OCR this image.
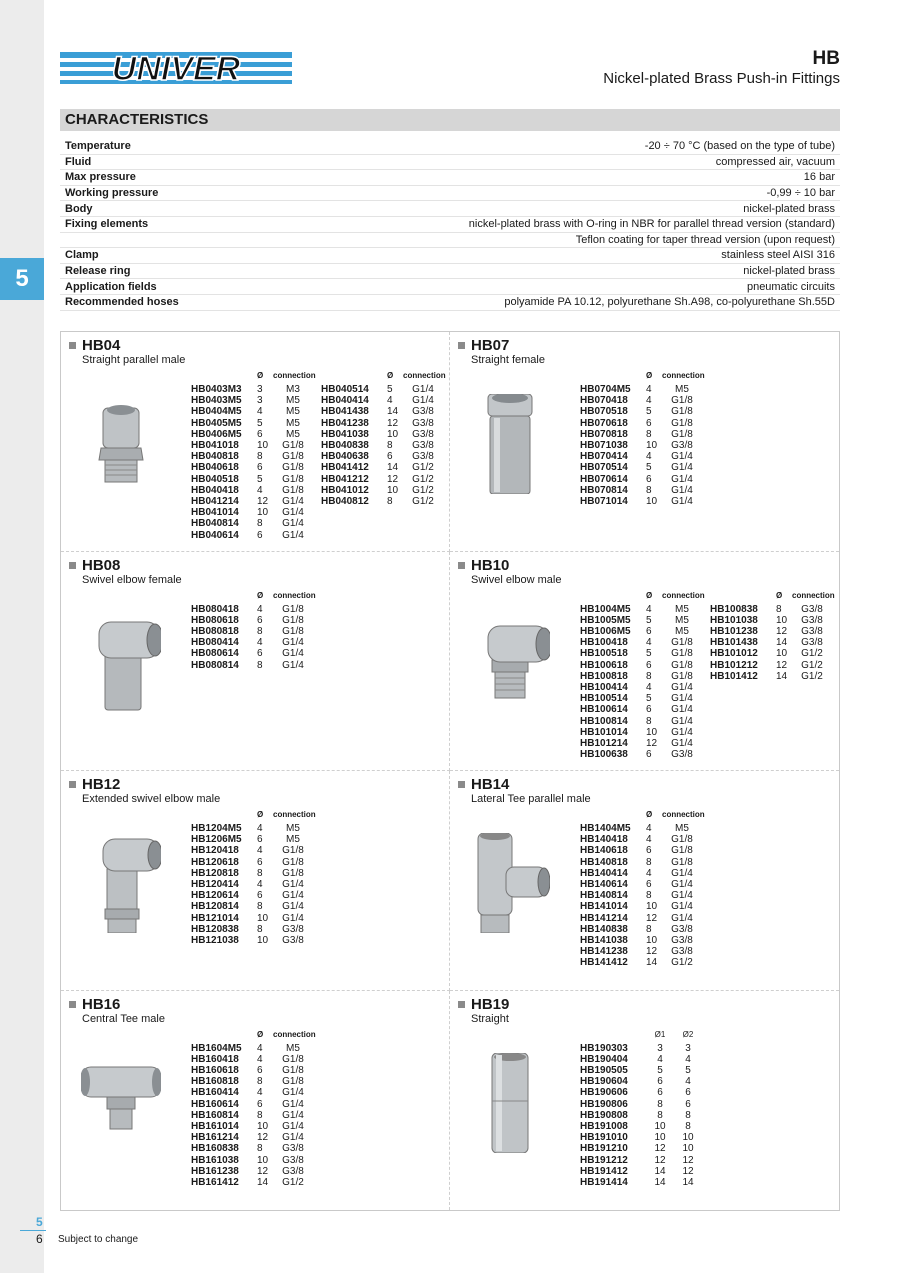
5
UNIVER	HB
Nickel-plated Brass Push-in Fittings
CHARACTERISTICS
Temperature	-20 ÷ 70 °C (based on the type of tube)
Fluid	compressed air, vacuum
Max pressure	16 bar
Working pressure	-0,99 ÷ 10 bar
Body	nickel-plated brass
Fixing elements	nickel-plated brass with O-ring in NBR for parallel thread version (standard)
Teflon coating for taper thread version (upon request)
Clamp	stainless steel AISI 316
Release ring	nickel-plated brass
Application fields	pneumatic circuits
Recommended hoses	polyamide PA 10.12, polyurethane Sh.A98, co-polyurethane Sh.55D
HB04
Straight parallel male
Ø	connection
HB0403M3	3	M3
HB0403M5	3	M5
HB0404M5	4	M5
HB0405M5	5	M5
HB0406M5	6	M5
HB041018	10	G1/8
HB040818	8	G1/8
HB040618	6	G1/8
HB040518	5	G1/8
HB040418	4	G1/8
HB041214	12	G1/4
HB041014	10	G1/4
HB040814	8	G1/4
HB040614	6	G1/4
Ø	connection
HB040514	5	G1/4
HB040414	4	G1/4
HB041438	14	G3/8
HB041238	12	G3/8
HB041038	10	G3/8
HB040838	8	G3/8
HB040638	6	G3/8
HB041412	14	G1/2
HB041212	12	G1/2
HB041012	10	G1/2
HB040812	8	G1/2
HB07
Straight female
Ø	connection
HB0704M5	4	M5
HB070418	4	G1/8
HB070518	5	G1/8
HB070618	6	G1/8
HB070818	8	G1/8
HB071038	10	G3/8
HB070414	4	G1/4
HB070514	5	G1/4
HB070614	6	G1/4
HB070814	8	G1/4
HB071014	10	G1/4
HB08
Swivel elbow female
Ø	connection
HB080418	4	G1/8
HB080618	6	G1/8
HB080818	8	G1/8
HB080414	4	G1/4
HB080614	6	G1/4
HB080814	8	G1/4
HB10
Swivel elbow male
Ø	connection
HB1004M5	4	M5
HB1005M5	5	M5
HB1006M5	6	M5
HB100418	4	G1/8
HB100518	5	G1/8
HB100618	6	G1/8
HB100818	8	G1/8
HB100414	4	G1/4
HB100514	5	G1/4
HB100614	6	G1/4
HB100814	8	G1/4
HB101014	10	G1/4
HB101214	12	G1/4
HB100638	6	G3/8
Ø	connection
HB100838	8	G3/8
HB101038	10	G3/8
HB101238	12	G3/8
HB101438	14	G3/8
HB101012	10	G1/2
HB101212	12	G1/2
HB101412	14	G1/2
HB12
Extended swivel elbow male
Ø	connection
HB1204M5	4	M5
HB1206M5	6	M5
HB120418	4	G1/8
HB120618	6	G1/8
HB120818	8	G1/8
HB120414	4	G1/4
HB120614	6	G1/4
HB120814	8	G1/4
HB121014	10	G1/4
HB120838	8	G3/8
HB121038	10	G3/8
HB14
Lateral Tee parallel male
Ø	connection
HB1404M5	4	M5
HB140418	4	G1/8
HB140618	6	G1/8
HB140818	8	G1/8
HB140414	4	G1/4
HB140614	6	G1/4
HB140814	8	G1/4
HB141014	10	G1/4
HB141214	12	G1/4
HB140838	8	G3/8
HB141038	10	G3/8
HB141238	12	G3/8
HB141412	14	G1/2
HB16
Central Tee male
Ø	connection
HB1604M5	4	M5
HB160418	4	G1/8
HB160618	6	G1/8
HB160818	8	G1/8
HB160414	4	G1/4
HB160614	6	G1/4
HB160814	8	G1/4
HB161014	10	G1/4
HB161214	12	G1/4
HB160838	8	G3/8
HB161038	10	G3/8
HB161238	12	G3/8
HB161412	14	G1/2
HB19
Straight
Ø1	Ø2
HB190303	3	3
HB190404	4	4
HB190505	5	5
HB190604	6	4
HB190606	6	6
HB190806	8	6
HB190808	8	8
HB191008	10	8
HB191010	10	10
HB191210	12	10
HB191212	12	12
HB191412	14	12
HB191414	14	14
5
6 Subject to change
